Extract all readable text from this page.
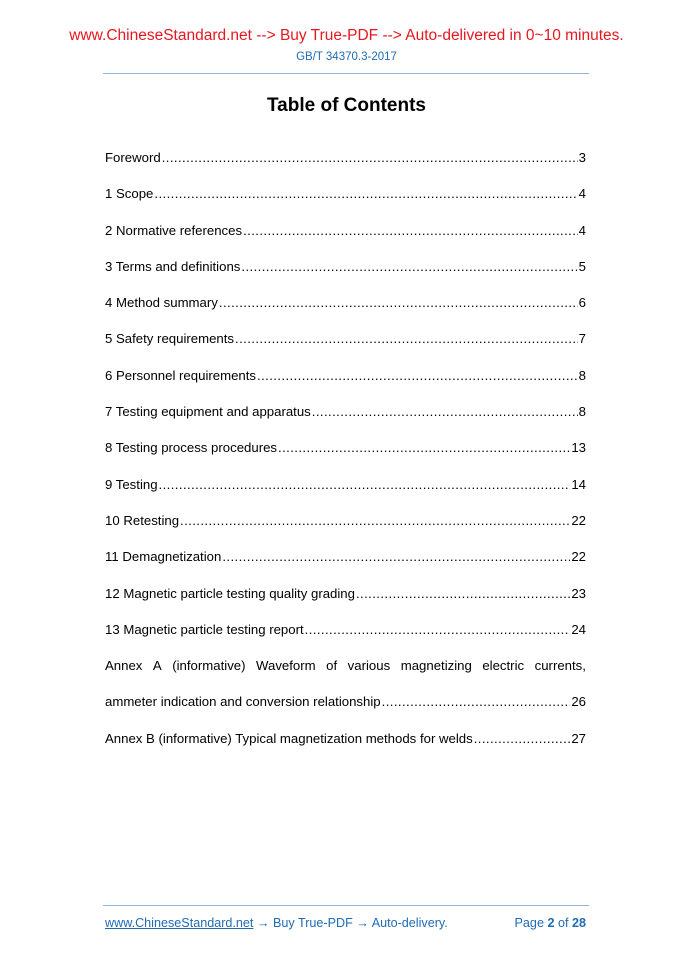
www.ChineseStandard.net --> Buy True-PDF --> Auto-delivered in 0~10 minutes.
GB/T 34370.3-2017
Table of Contents
Foreword .....	3
1 Scope .....	4
2 Normative references .....	4
3 Terms and definitions .....	5
4 Method summary .....	6
5 Safety requirements .....	7
6 Personnel requirements .....	8
7 Testing equipment and apparatus .....	8
8 Testing process procedures .....	13
9 Testing .....	14
10 Retesting .....	22
11 Demagnetization .....	22
12 Magnetic particle testing quality grading .....	23
13 Magnetic particle testing report .....	24
Annex A (informative) Waveform of various magnetizing electric currents,
ammeter indication and conversion relationship .....	26
Annex B (informative) Typical magnetization methods for welds .....	27
www.ChineseStandard.net → Buy True-PDF → Auto-delivery.	Page 2 of 28
